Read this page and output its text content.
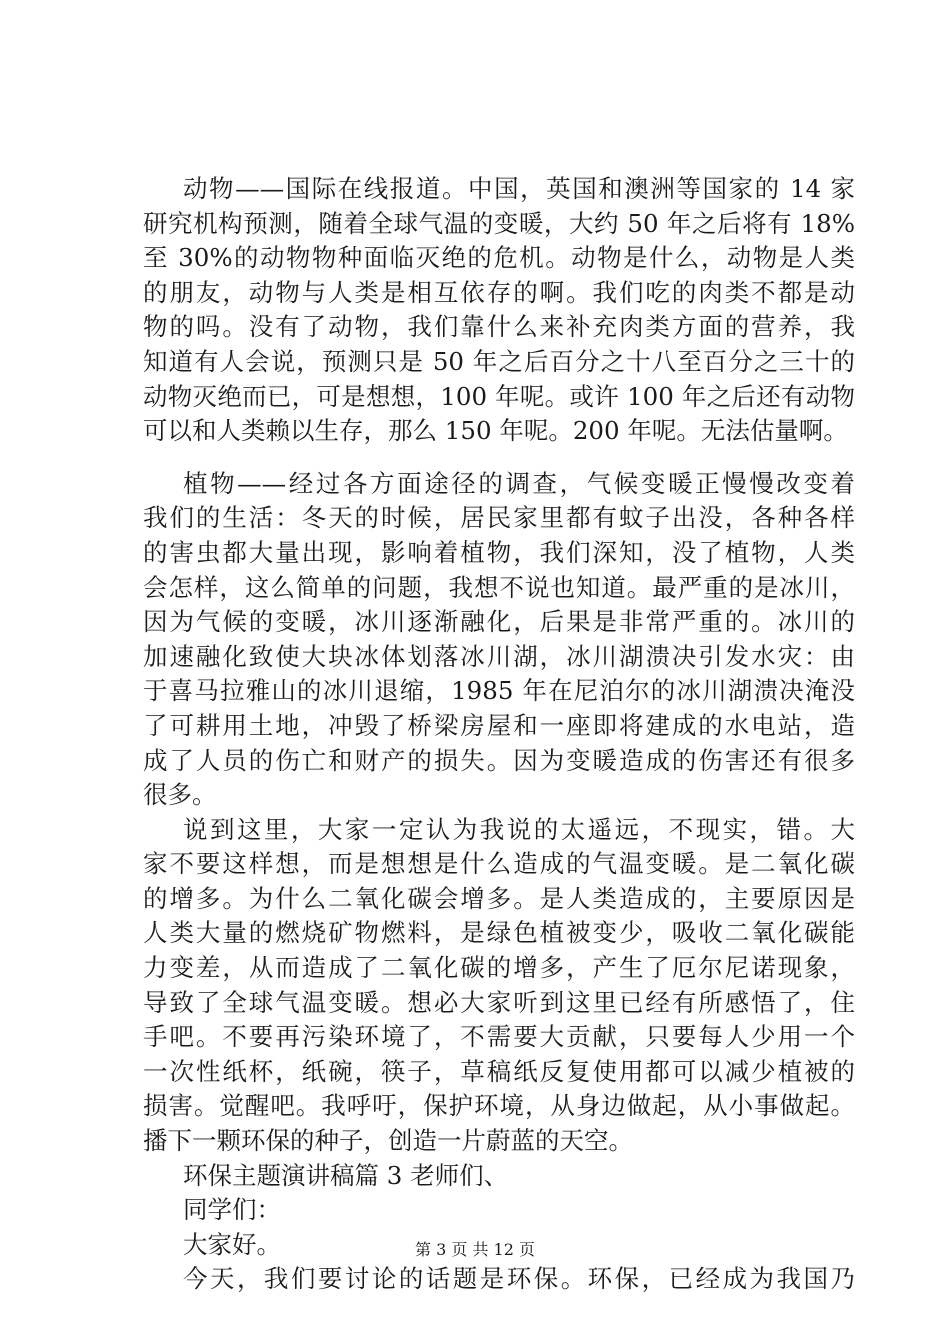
动物——国际在线报道。中国，英国和澳洲等国家的 14 家
研究机构预测，随着全球气温的变暖，大约 50 年之后将有 18%
至 30%的动物物种面临灭绝的危机。动物是什么，动物是人类
的朋友，动物与人类是相互依存的啊。我们吃的肉类不都是动
物的吗。没有了动物，我们靠什么来补充肉类方面的营养，我
知道有人会说，预测只是 50 年之后百分之十八至百分之三十的
动物灭绝而已，可是想想，100 年呢。或许 100 年之后还有动物
可以和人类赖以生存，那么 150 年呢。200 年呢。无法估量啊。
植物——经过各方面途径的调查，气候变暖正慢慢改变着
我们的生活：冬天的时候，居民家里都有蚊子出没，各种各样
的害虫都大量出现，影响着植物，我们深知，没了植物，人类
会怎样，这么简单的问题，我想不说也知道。最严重的是冰川，
因为气候的变暖，冰川逐渐融化，后果是非常严重的。冰川的
加速融化致使大块冰体划落冰川湖，冰川湖溃决引发水灾：由
于喜马拉雅山的冰川退缩，1985 年在尼泊尔的冰川湖溃决淹没
了可耕用土地，冲毁了桥梁房屋和一座即将建成的水电站，造
成了人员的伤亡和财产的损失。因为变暖造成的伤害还有很多
很多。
说到这里，大家一定认为我说的太遥远，不现实，错。大
家不要这样想，而是想想是什么造成的气温变暖。是二氧化碳
的增多。为什么二氧化碳会增多。是人类造成的，主要原因是
人类大量的燃烧矿物燃料，是绿色植被变少，吸收二氧化碳能
力变差，从而造成了二氧化碳的增多，产生了厄尔尼诺现象，
导致了全球气温变暖。想必大家听到这里已经有所感悟了，住
手吧。不要再污染环境了，不需要大贡献，只要每人少用一个
一次性纸杯，纸碗，筷子，草稿纸反复使用都可以减少植被的
损害。觉醒吧。我呼吁，保护环境，从身边做起，从小事做起。
播下一颗环保的种子，创造一片蔚蓝的天空。
环保主题演讲稿篇 3 老师们、
同学们：
大家好。
今天，我们要讨论的话题是环保。环保，已经成为我国乃
第 3 页 共 12 页
